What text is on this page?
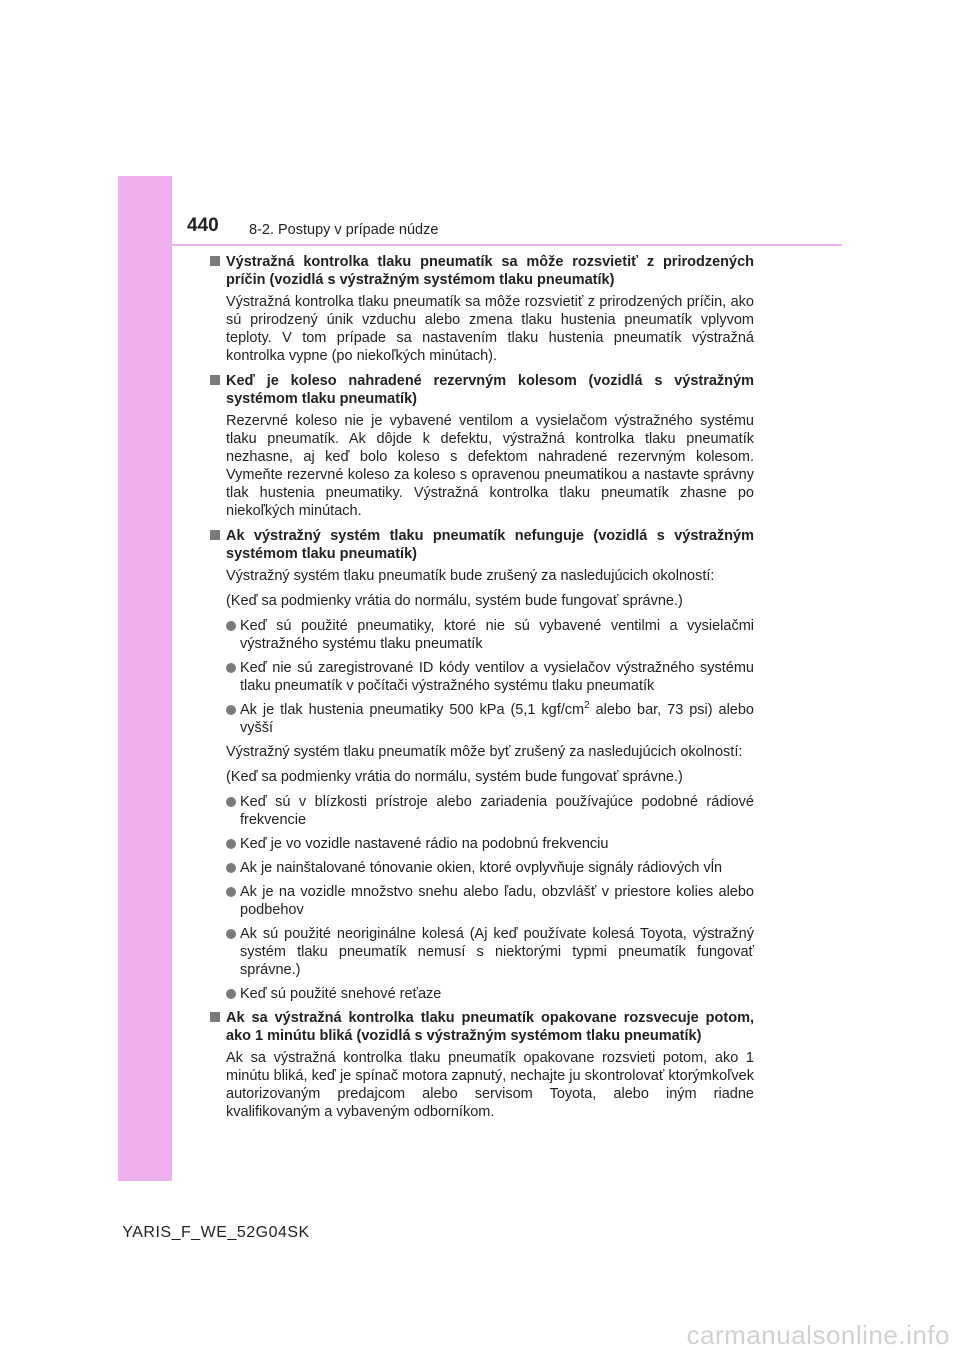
440 8-2. Postupy v prípade núdze
Výstražná kontrolka tlaku pneumatík sa môže rozsvietiť z prirodzených príčin (vozidlá s výstražným systémom tlaku pneumatík)
Výstražná kontrolka tlaku pneumatík sa môže rozsvietiť z prirodzených príčin, ako sú prirodzený únik vzduchu alebo zmena tlaku hustenia pneumatík vplyvom teploty. V tom prípade sa nastavením tlaku hustenia pneumatík výstražná kontrolka vypne (po niekoľkých minútach).
Keď je koleso nahradené rezervným kolesom (vozidlá s výstražným systémom tlaku pneumatík)
Rezervné koleso nie je vybavené ventilom a vysielačom výstražného systému tlaku pneumatík. Ak dôjde k defektu, výstražná kontrolka tlaku pneumatík nezhasne, aj keď bolo koleso s defektom nahradené rezervným kolesom. Vymeňte rezervné koleso za koleso s opravenou pneumatikou a nastavte správny tlak hustenia pneumatiky. Výstražná kontrolka tlaku pneumatík zhasne po niekoľkých minútach.
Ak výstražný systém tlaku pneumatík nefunguje (vozidlá s výstražným systémom tlaku pneumatík)
Výstražný systém tlaku pneumatík bude zrušený za nasledujúcich okolností:
(Keď sa podmienky vrátia do normálu, systém bude fungovať správne.)
Keď sú použité pneumatiky, ktoré nie sú vybavené ventilmi a vysielačmi výstražného systému tlaku pneumatík
Keď nie sú zaregistrované ID kódy ventilov a vysielačov výstražného systému tlaku pneumatík v počítači výstražného systému tlaku pneumatík
Ak je tlak hustenia pneumatiky 500 kPa (5,1 kgf/$cm^2$ alebo bar, 73 psi) alebo vyšší
Výstražný systém tlaku pneumatík môže byť zrušený za nasledujúcich okolností:
(Keď sa podmienky vrátia do normálu, systém bude fungovať správne.)
Keď sú v blízkosti prístroje alebo zariadenia používajúce podobné rádiové frekvencie
Keď je vo vozidle nastavené rádio na podobnú frekvenciu
Ak je nainštalované tónovanie okien, ktoré ovplyvňuje signály rádiových vĺn
Ak je na vozidle množstvo snehu alebo ľadu, obzvlášť v priestore kolies alebo podbehov
Ak sú použité neoriginálne kolesá (Aj keď používate kolesá Toyota, výstražný systém tlaku pneumatík nemusí s niektorými typmi pneumatík fungovať správne.)
Keď sú použité snehové reťaze
Ak sa výstražná kontrolka tlaku pneumatík opakovane rozsvecuje potom, ako 1 minútu bliká (vozidlá s výstražným systémom tlaku pneumatík)
Ak sa výstražná kontrolka tlaku pneumatík opakovane rozsvieti potom, ako 1 minútu bliká, keď je spínač motora zapnutý, nechajte ju skontrolovať ktorýmkoľvek autorizovaným predajcom alebo servisom Toyota, alebo iným riadne kvalifikovaným a vybaveným odborníkom.
YARIS_F_WE_52G04SK
carmanualsonline.info
